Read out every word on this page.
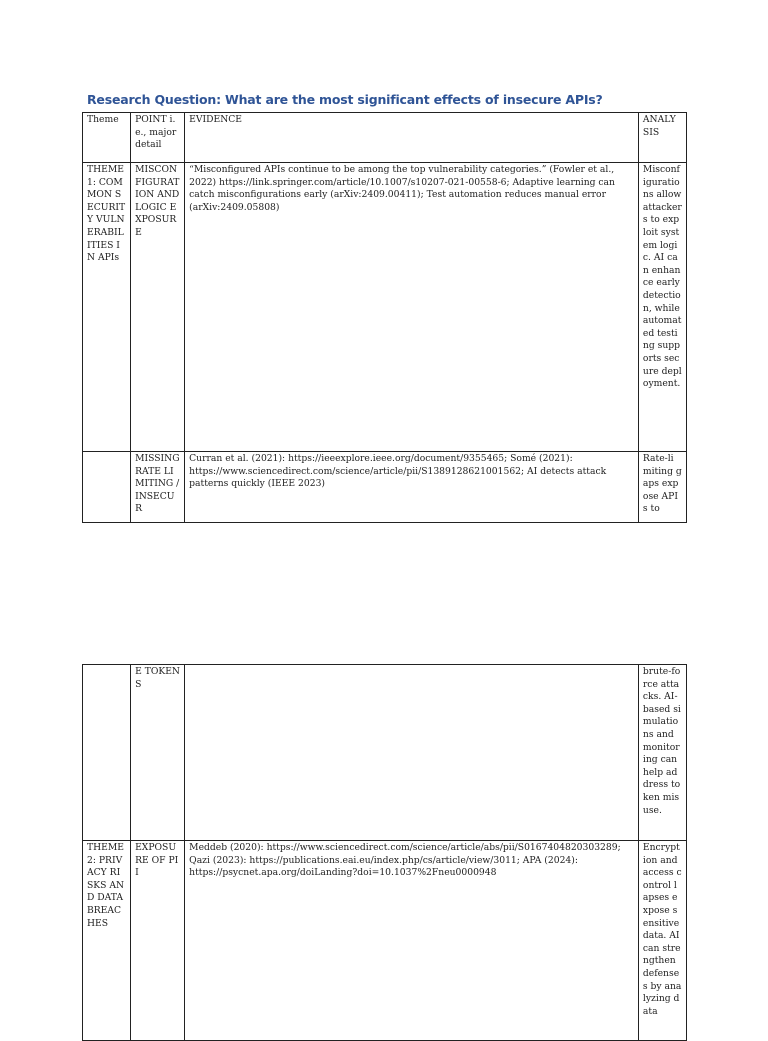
Research Question: What are the most significant effects of insecure APIs?
Theme	POINT i.e., major detail	EVIDENCE	ANALYSIS
THEME 1: COMMON SECURITY VULNERABILITIES IN APIs	MISCONFIGURATION AND LOGIC EXPOSURE	“Misconfigured APIs continue to be among the top vulnerability categories.” (Fowler et al., 2022) https://link.springer.com/article/10.1007/s10207-021-00558-6; Adaptive learning can catch misconfigurations early (arXiv:2409.00411); Test automation reduces manual error (arXiv:2409.05808)	Misconfigurations allow attackers to exploit system logic. AI can enhance early detection, while automated testing supports secure deployment.
	MISSING RATE LIMITING / INSECUR	Curran et al. (2021): https://ieeexplore.ieee.org/document/9355465; Somé (2021): https://www.sciencedirect.com/science/article/pii/S1389128621001562; AI detects attack patterns quickly (IEEE 2023)	Rate-limiting gaps expose APIs to
	E TOKENS		brute-force attacks. AI-based simulations and monitoring can help address token misuse.
THEME 2: PRIVACY RISKS AND DATA BREACHES	EXPOSURE OF PII	Meddeb (2020): https://www.sciencedirect.com/science/article/abs/pii/S0167404820303289; Qazi (2023): https://publications.eai.eu/index.php/cs/article/view/3011; APA (2024): https://psycnet.apa.org/doiLanding?doi=10.1037%2Fneu0000948	Encryption and access control lapses expose sensitive data. AI can strengthen defenses by analyzing data
